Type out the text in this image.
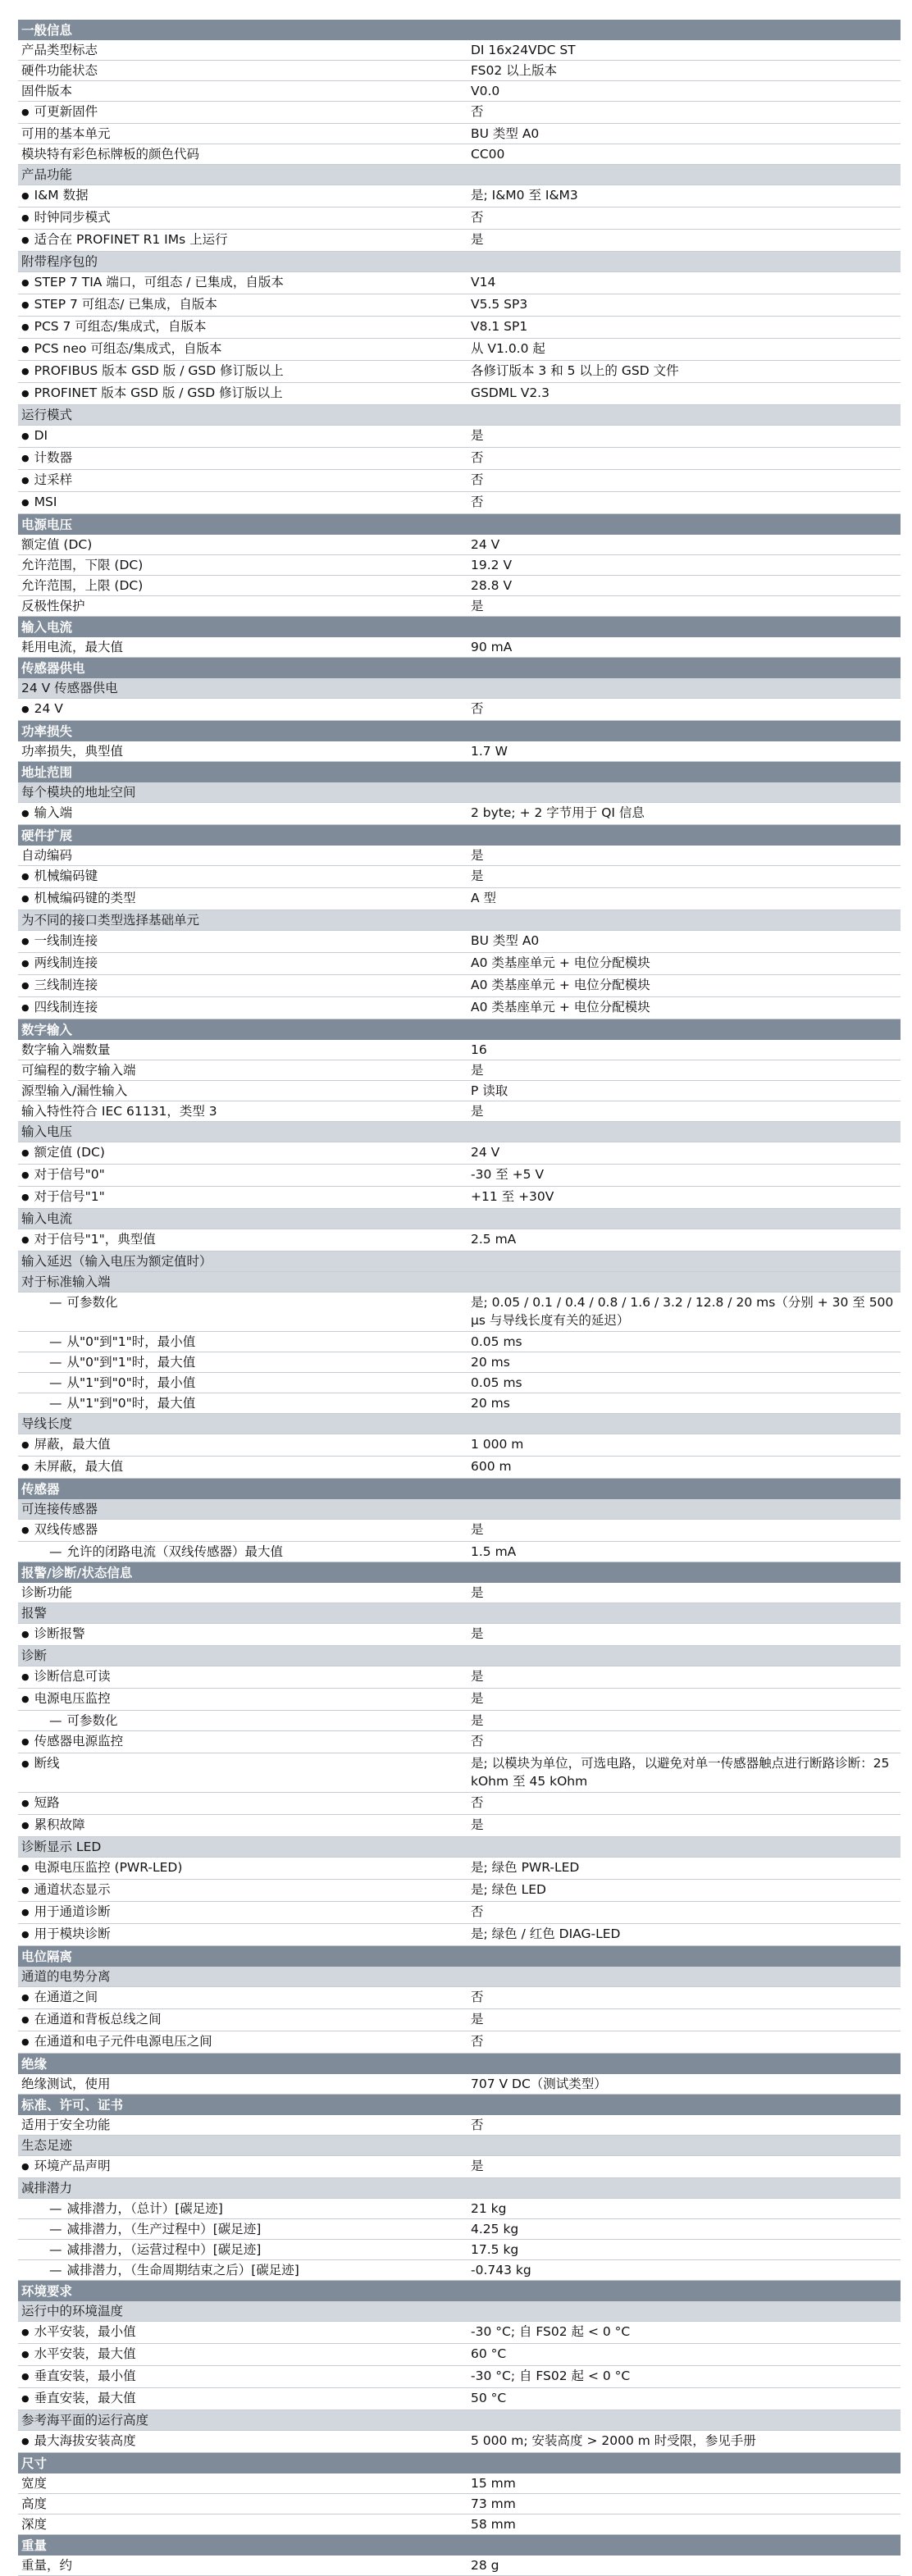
一般信息
产品类型标志	DI 16x24VDC ST
硬件功能状态	FS02 以上版本
固件版本	V0.0
● 可更新固件	否
可用的基本单元	BU 类型 A0
模块特有彩色标牌板的颜色代码	CC00
产品功能
● I&M 数据	是; I&M0 至 I&M3
● 时钟同步模式	否
● 适合在 PROFINET R1 IMs 上运行	是
附带程序包的
● STEP 7 TIA 端口，可组态 / 已集成，自版本	V14
● STEP 7 可组态/ 已集成，自版本	V5.5 SP3
● PCS 7 可组态/集成式，自版本	V8.1 SP1
● PCS neo 可组态/集成式，自版本	从 V1.0.0 起
● PROFIBUS 版本 GSD 版 / GSD 修订版以上	各修订版本 3 和 5 以上的 GSD 文件
● PROFINET 版本 GSD 版 / GSD 修订版以上	GSDML V2.3
运行模式
● DI	是
● 计数器	否
● 过采样	否
● MSI	否
电源电压
额定值 (DC)	24 V
允许范围，下限 (DC)	19.2 V
允许范围，上限 (DC)	28.8 V
反极性保护	是
输入电流
耗用电流，最大值	90 mA
传感器供电
24 V 传感器供电
● 24 V	否
功率损失
功率损失，典型值	1.7 W
地址范围
每个模块的地址空间
● 输入端	2 byte; + 2 字节用于 QI 信息
硬件扩展
自动编码	是
● 机械编码键	是
● 机械编码键的类型	A 型
为不同的接口类型选择基础单元
● 一线制连接	BU 类型 A0
● 两线制连接	A0 类基座单元 + 电位分配模块
● 三线制连接	A0 类基座单元 + 电位分配模块
● 四线制连接	A0 类基座单元 + 电位分配模块
数字输入
数字输入端数量	16
可编程的数字输入端	是
源型输入/漏性输入	P 读取
输入特性符合 IEC 61131，类型 3	是
输入电压
● 额定值 (DC)	24 V
● 对于信号"0"	-30 至 +5 V
● 对于信号"1"	+11 至 +30V
输入电流
● 对于信号"1"，典型值	2.5 mA
输入延迟（输入电压为额定值时）
对于标准输入端
— 可参数化	是; 0.05 / 0.1 / 0.4 / 0.8 / 1.6 / 3.2 / 12.8 / 20 ms（分别 + 30 至 500 μs 与导线长度有关的延迟）
— 从"0"到"1"时，最小值	0.05 ms
— 从"0"到"1"时，最大值	20 ms
— 从"1"到"0"时，最小值	0.05 ms
— 从"1"到"0"时，最大值	20 ms
导线长度
● 屏蔽，最大值	1 000 m
● 未屏蔽，最大值	600 m
传感器
可连接传感器
● 双线传感器	是
— 允许的闭路电流（双线传感器）最大值	1.5 mA
报警/诊断/状态信息
诊断功能	是
报警
● 诊断报警	是
诊断
● 诊断信息可读	是
● 电源电压监控	是
— 可参数化	是
● 传感器电源监控	否
● 断线	是; 以模块为单位，可选电路，以避免对单一传感器触点进行断路诊断：25 kOhm 至 45 kOhm
● 短路	否
● 累积故障	是
诊断显示 LED
● 电源电压监控 (PWR-LED)	是; 绿色 PWR-LED
● 通道状态显示	是; 绿色 LED
● 用于通道诊断	否
● 用于模块诊断	是; 绿色 / 红色 DIAG-LED
电位隔离
通道的电势分离
● 在通道之间	否
● 在通道和背板总线之间	是
● 在通道和电子元件电源电压之间	否
绝缘
绝缘测试，使用	707 V DC（测试类型）
标准、许可、证书
适用于安全功能	否
生态足迹
● 环境产品声明	是
减排潜力
— 减排潜力，（总计）[碳足迹]	21 kg
— 减排潜力，（生产过程中）[碳足迹]	4.25 kg
— 减排潜力，（运营过程中）[碳足迹]	17.5 kg
— 减排潜力，（生命周期结束之后）[碳足迹]	-0.743 kg
环境要求
运行中的环境温度
● 水平安装，最小值	-30 °C; 自 FS02 起 < 0 °C
● 水平安装，最大值	60 °C
● 垂直安装，最小值	-30 °C; 自 FS02 起 < 0 °C
● 垂直安装，最大值	50 °C
参考海平面的运行高度
● 最大海拔安装高度	5 000 m; 安装高度 > 2000 m 时受限，参见手册
尺寸
宽度	15 mm
高度	73 mm
深度	58 mm
重量
重量，约	28 g
